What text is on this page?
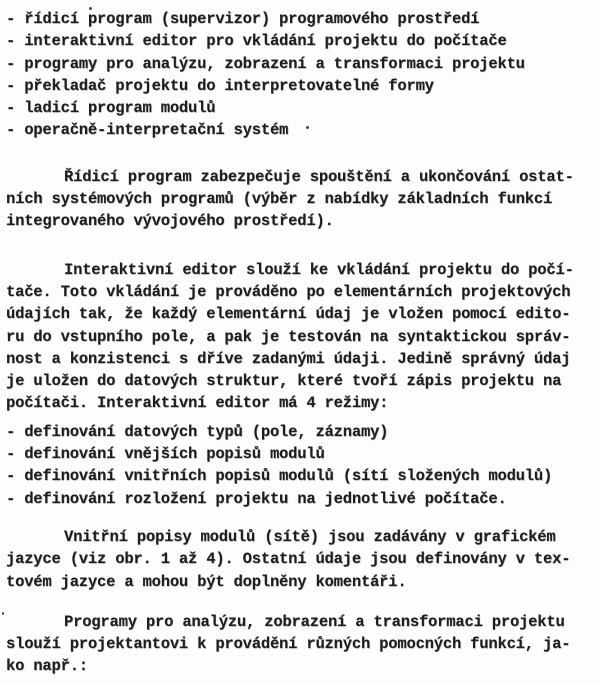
- řídicí program (supervizor) programového prostředí
- interaktivní editor pro vkládání projektu do počítače
- programy pro analýzu, zobrazení a transformaci projektu
- překladač projektu do interpretovatelné formy
- ladicí program modulů
- operačně-interpretační systém
Řídicí program zabezpečuje spouštění a ukončování ostat-
ních systémových programů (výběr z nabídky základních funkcí
integrovaného vývojového prostředí).
Interaktivní editor slouží ke vkládání projektu do počí-
tače. Toto vkládání je prováděno po elementárních projektových
údajích tak, že každý elementární údaj je vložen pomocí edito-
ru do vstupního pole, a pak je testován na syntaktickou správ-
nost a konzistenci s dříve zadanými údaji. Jedině správný údaj
je uložen do datových struktur, které tvoří zápis projektu na
počítači. Interaktivní editor má 4 režimy:
- definování datových typů (pole, záznamy)
- definování vnějších popisů modulů
- definování vnitřních popisů modulů (sítí složených modulů)
- definování rozložení projektu na jednotlivé počítače.
Vnitřní popisy modulů (sítě) jsou zadávány v grafickém
jazyce (viz obr. 1 až 4). Ostatní údaje jsou definovány v tex-
tovém jazyce a mohou být doplněny komentáři.
Programy pro analýzu, zobrazení a transformaci projektu
slouží projektantovi k provádění různých pomocných funkcí, ja-
ko např.:
